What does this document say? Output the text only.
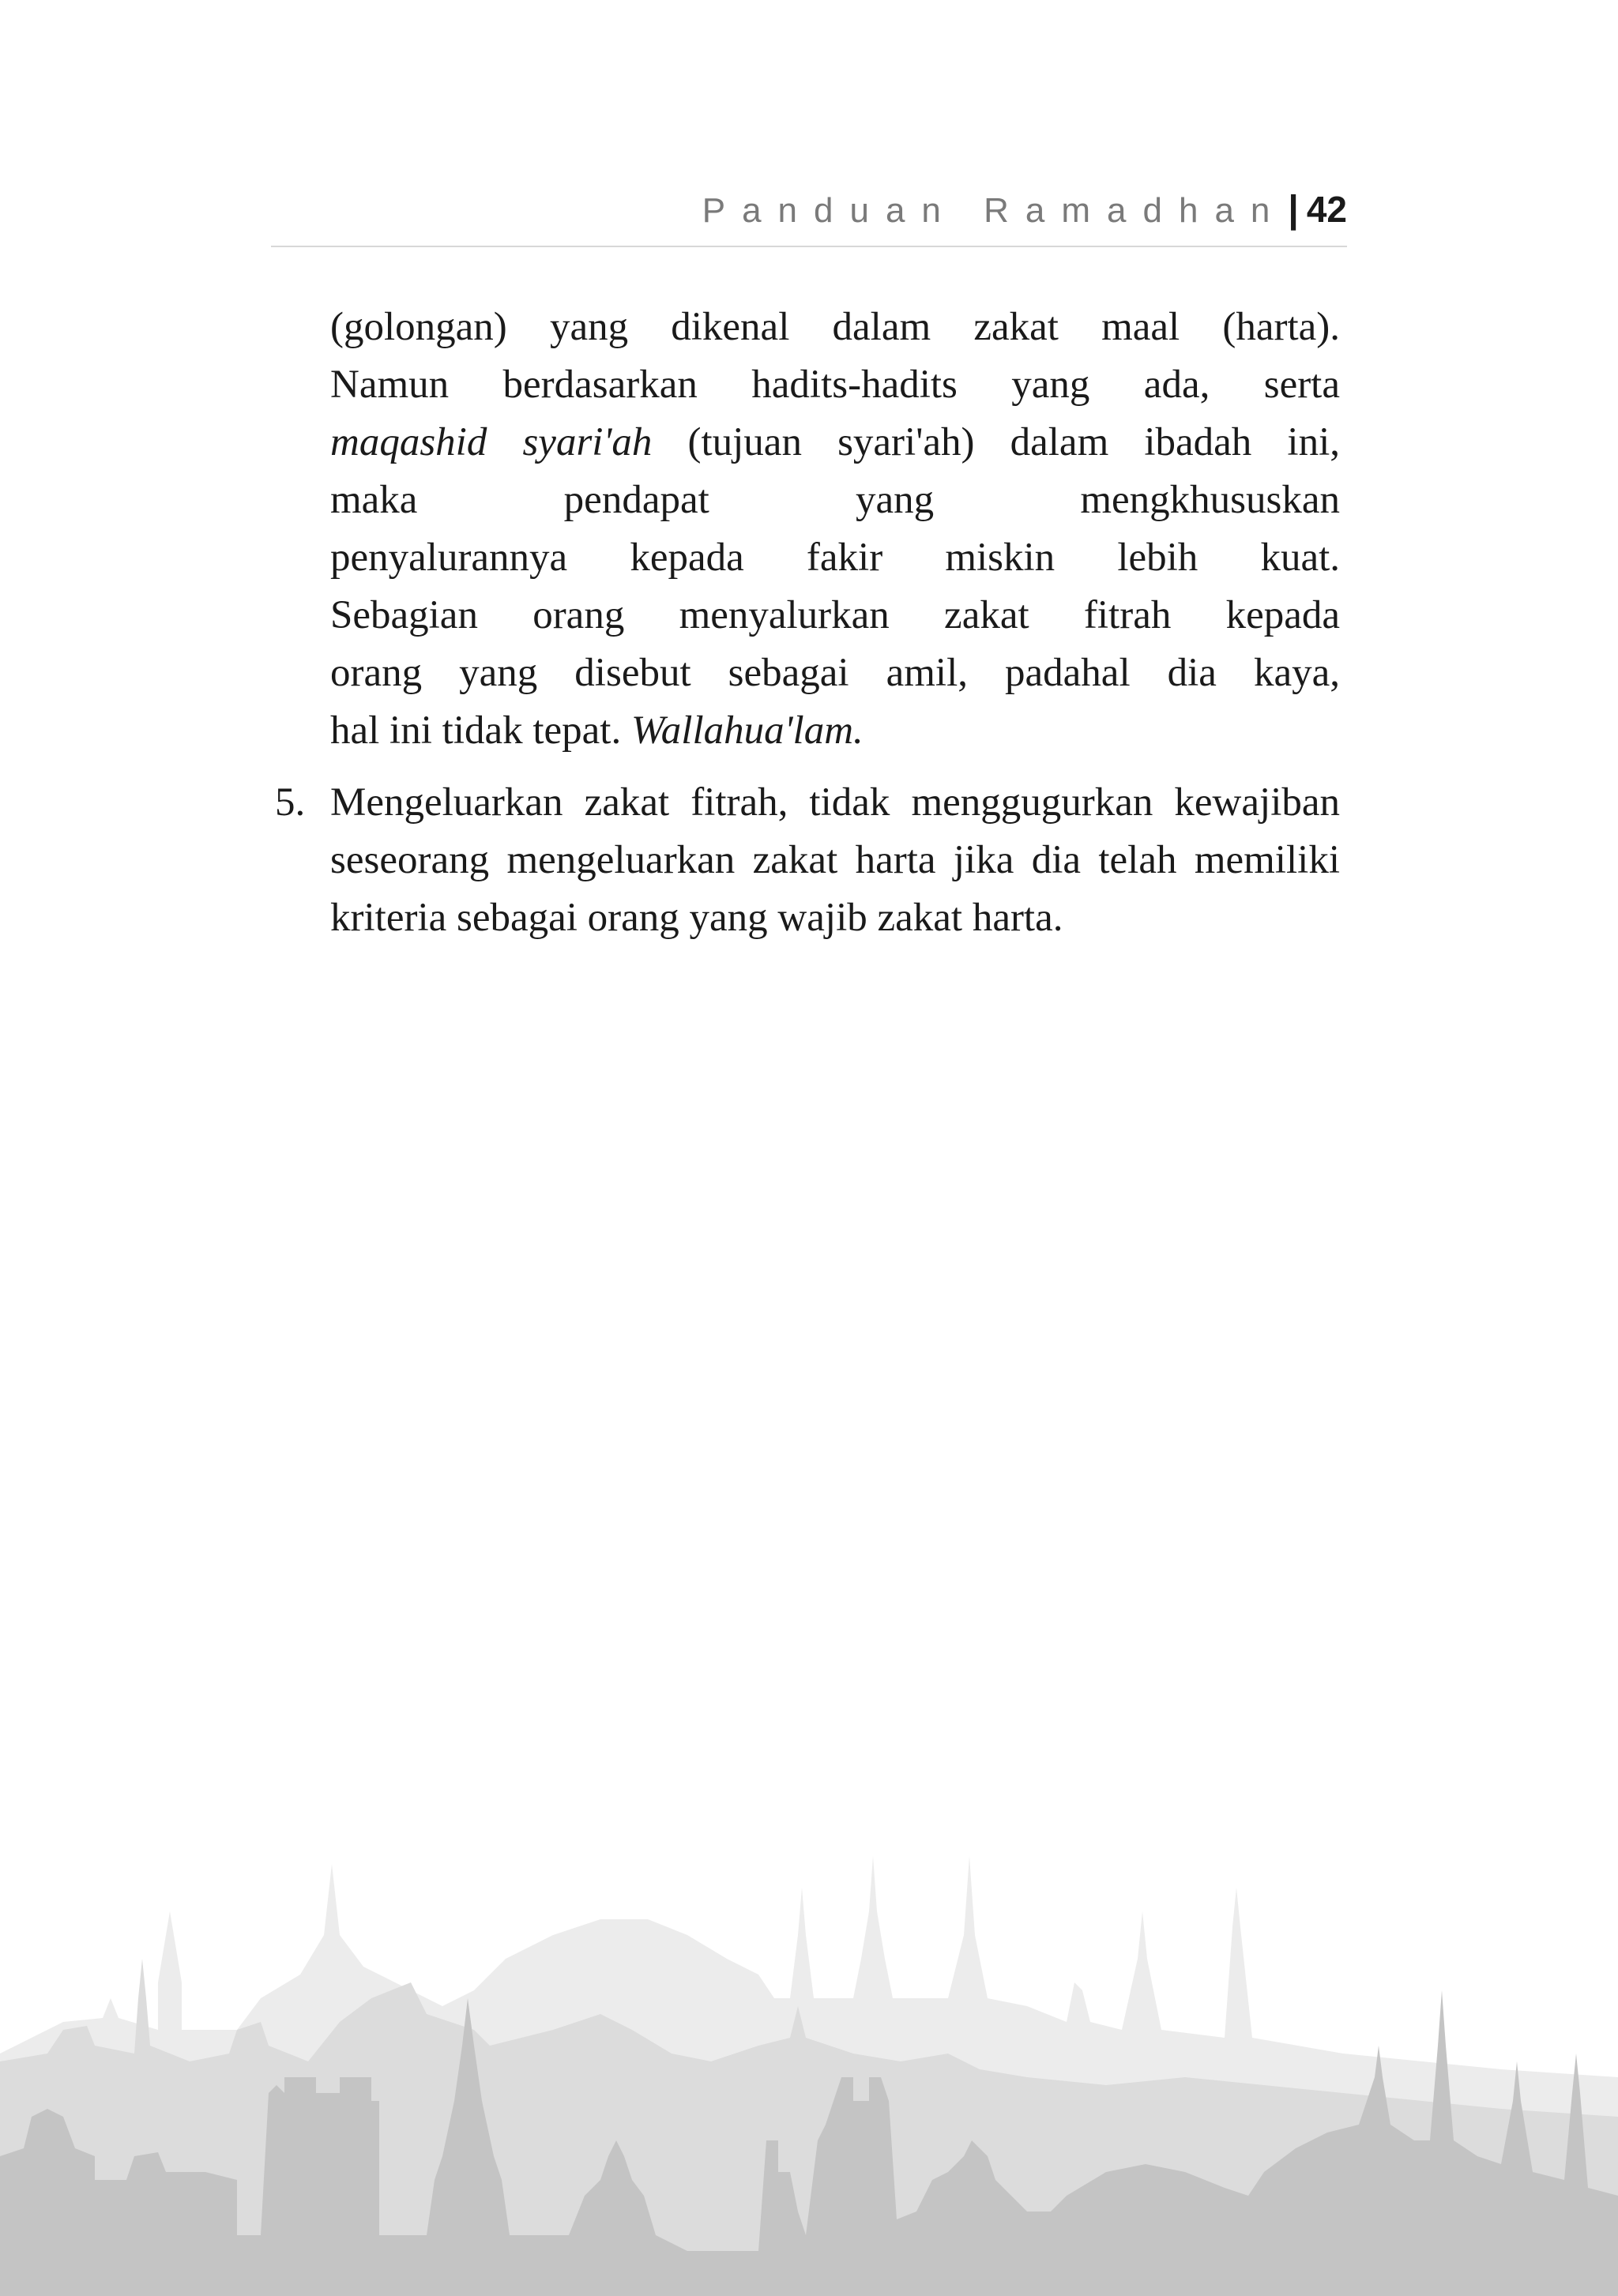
Panduan Ramadhan| 42
(golongan) yang dikenal dalam zakat maal (harta).
Namun berdasarkan hadits-hadits yang ada, serta
maqashid syari'ah (tujuan syari'ah) dalam ibadah ini,
maka pendapat yang mengkhususkan
penyalurannya kepada fakir miskin lebih kuat.
Sebagian orang menyalurkan zakat fitrah kepada
orang yang disebut sebagai amil, padahal dia kaya,
hal ini tidak tepat. Wallahua'lam.
5. Mengeluarkan zakat fitrah, tidak menggugurkan kewajiban seseorang mengeluarkan zakat harta jika dia telah memiliki kriteria sebagai orang yang wajib zakat harta.
